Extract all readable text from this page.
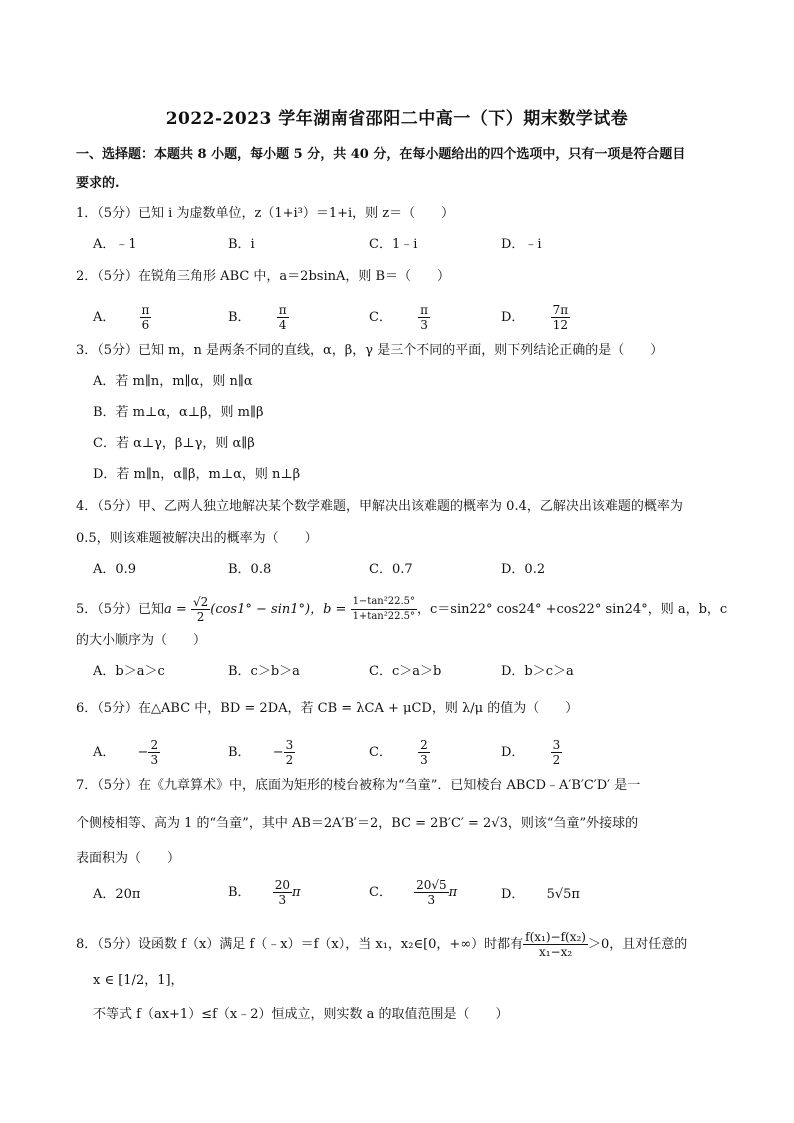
2022-2023 学年湖南省邵阳二中高一（下）期末数学试卷
一、选择题：本题共 8 小题，每小题 5 分，共 40 分，在每小题给出的四个选项中，只有一项是符合题目
要求的.
1．（5分）已知 i 为虚数单位，z（1+i³）＝1+i，则 z＝（　　）
A．﹣1	B．i	C．1﹣i	D．﹣i
2．（5分）在锐角三角形 ABC 中，a＝2bsinA，则 B＝（　　）
A． $\frac{\pi}{6}$	B． $\frac{\pi}{4}$	C． $\frac{\pi}{3}$	D． $\frac{7\pi}{12}$
3．（5分）已知 m，n 是两条不同的直线，α，β，γ 是三个不同的平面，则下列结论正确的是（　　）
A．若 m∥n，m∥α，则 n∥α
B．若 m⊥α，α⊥β，则 m∥β
C．若 α⊥γ，β⊥γ，则 α∥β
D．若 m∥n，α∥β，m⊥α，则 n⊥β
4．（5分）甲、乙两人独立地解决某个数学难题，甲解决出该难题的概率为 0.4，乙解决出该难题的概率为
0.5，则该难题被解决出的概率为（　　）
A．0.9	B．0.8	C．0.7	D．0.2
5．（5分）已知$a = \frac{√2}{2} (\cos 1^\circ - \sin 1^\circ)$，$b = \frac{\text{1−tan²22.5°}}{\text{1+tan²22.5°}}$ ，c＝sin22° cos24° +cos22° sin24°，则 a，b，c
的大小顺序为（　　）
A．b＞a＞c	B．c＞b＞a	C．c＞a＞b	D．b＞c＞a
6．（5分）在△ABC 中，BD = 2DA，若 CB = λCA + μCD，则 λ/μ 的值为（　　）
A． − $\frac{2}{3}$	B． − $\frac{3}{2}$	C． $\frac{2}{3}$	D． $\frac{3}{2}$
7．（5分）在《九章算术》中，底面为矩形的棱台被称为“刍童”．已知棱台 ABCD﹣A′B′C′D′ 是一
个侧棱相等、高为 1 的“刍童”，其中 AB＝2A′B′＝2，BC = 2B′C′ = 2√3，则该“刍童”外接球的
表面积为（　　）
A．20π	B． $\frac{20}{3}$ π	C． $\frac{20√5}{3}$ π	D． 5√5π
8．（5分）设函数 f（x）满足 f（﹣x）＝f（x），当 x₁，x₂∈[0，+∞）时都有 $\frac{\text{f(x₁)−f(x₂)}}{\text{x₁−x₂}} >0$，且对任意的
x ∈ [1/2，1]，
不等式 f（ax+1）≤f（x﹣2）恒成立，则实数 a 的取值范围是（　　）
